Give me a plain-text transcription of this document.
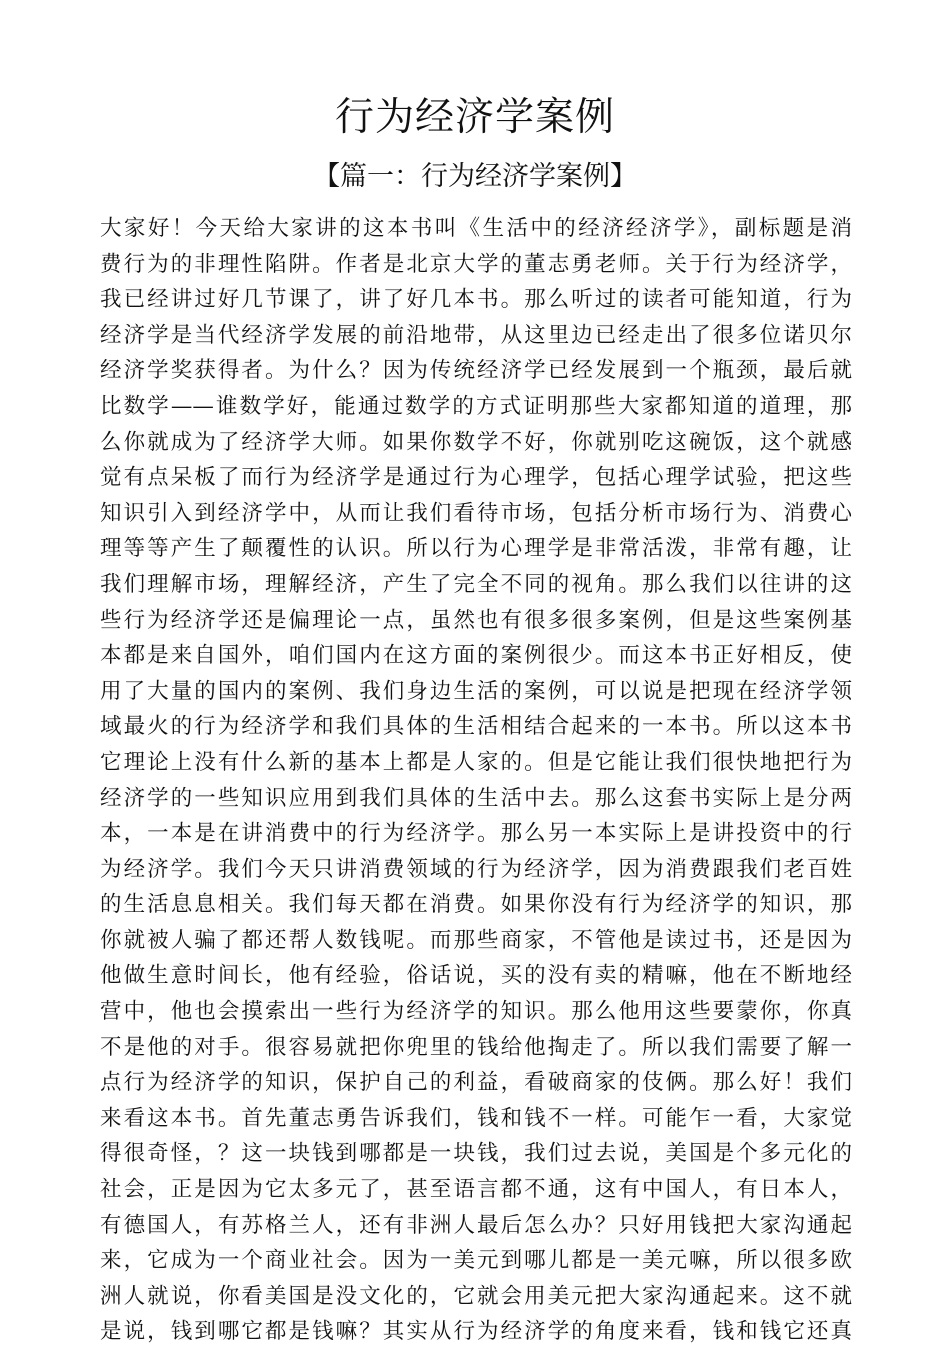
行为经济学案例
【篇一：行为经济学案例】
大家好！今天给大家讲的这本书叫《生活中的经济经济学》，副标题是消
费行为的非理性陷阱。作者是北京大学的董志勇老师。关于行为经济学，
我已经讲过好几节课了，讲了好几本书。那么听过的读者可能知道，行为
经济学是当代经济学发展的前沿地带，从这里边已经走出了很多位诺贝尔
经济学奖获得者。为什么？因为传统经济学已经发展到一个瓶颈，最后就
比数学——谁数学好，能通过数学的方式证明那些大家都知道的道理，那
么你就成为了经济学大师。如果你数学不好，你就别吃这碗饭，这个就感
觉有点呆板了而行为经济学是通过行为心理学，包括心理学试验，把这些
知识引入到经济学中，从而让我们看待市场，包括分析市场行为、消费心
理等等产生了颠覆性的认识。所以行为心理学是非常活泼，非常有趣，让
我们理解市场，理解经济，产生了完全不同的视角。那么我们以往讲的这
些行为经济学还是偏理论一点，虽然也有很多很多案例，但是这些案例基
本都是来自国外，咱们国内在这方面的案例很少。而这本书正好相反，使
用了大量的国内的案例、我们身边生活的案例，可以说是把现在经济学领
域最火的行为经济学和我们具体的生活相结合起来的一本书。所以这本书
它理论上没有什么新的基本上都是人家的。但是它能让我们很快地把行为
经济学的一些知识应用到我们具体的生活中去。那么这套书实际上是分两
本，一本是在讲消费中的行为经济学。那么另一本实际上是讲投资中的行
为经济学。我们今天只讲消费领域的行为经济学，因为消费跟我们老百姓
的生活息息相关。我们每天都在消费。如果你没有行为经济学的知识，那
你就被人骗了都还帮人数钱呢。而那些商家，不管他是读过书，还是因为
他做生意时间长，他有经验，俗话说，买的没有卖的精嘛，他在不断地经
营中，他也会摸索出一些行为经济学的知识。那么他用这些要蒙你，你真
不是他的对手。很容易就把你兜里的钱给他掏走了。所以我们需要了解一
点行为经济学的知识，保护自己的利益，看破商家的伎俩。那么好！我们
来看这本书。首先董志勇告诉我们，钱和钱不一样。可能乍一看，大家觉
得很奇怪，？这一块钱到哪都是一块钱，我们过去说，美国是个多元化的
社会，正是因为它太多元了，甚至语言都不通，这有中国人，有日本人，
有德国人，有苏格兰人，还有非洲人最后怎么办？只好用钱把大家沟通起
来，它成为一个商业社会。因为一美元到哪儿都是一美元嘛，所以很多欧
洲人就说，你看美国是没文化的，它就会用美元把大家沟通起来。这不就
是说，钱到哪它都是钱嘛？其实从行为经济学的角度来看，钱和钱它还真
